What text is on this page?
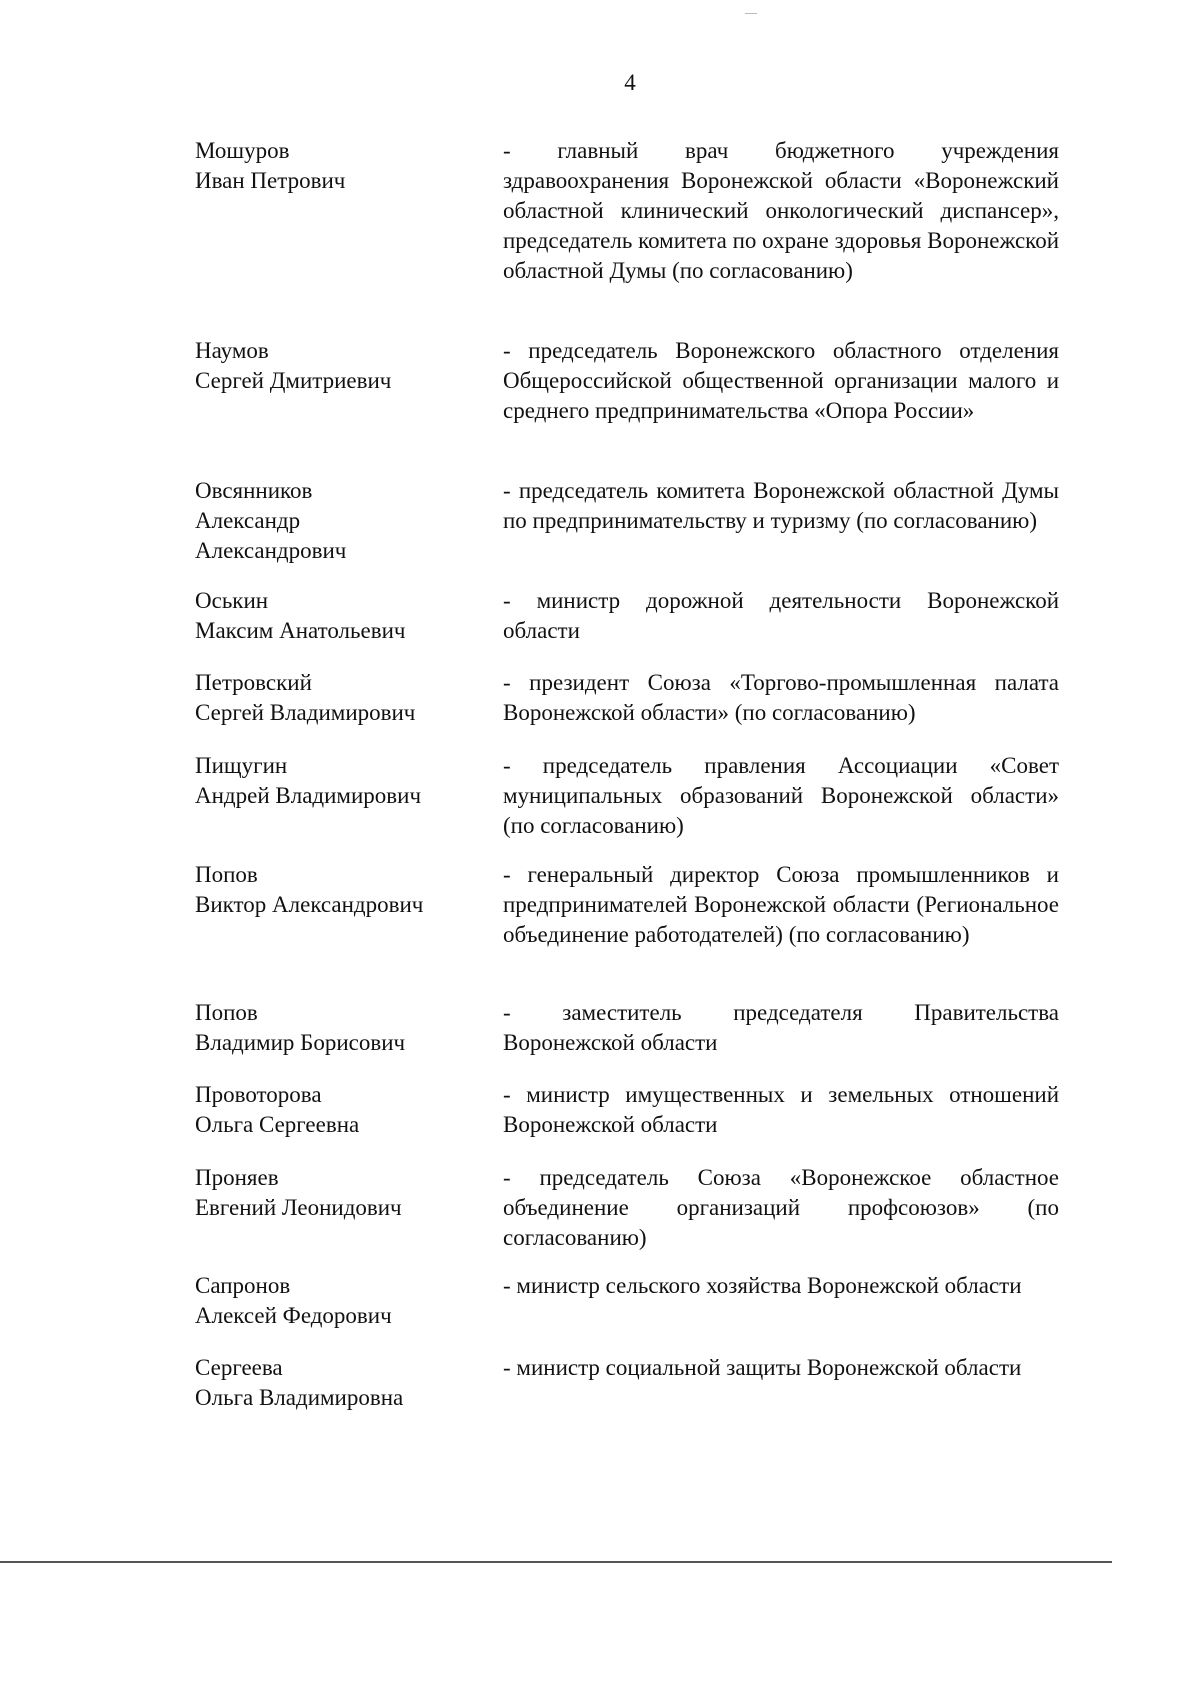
4
Мошуров
Иван Петрович
- главный врач бюджетного учреждения здравоохранения Воронежской области «Воронежский областной клинический онкологический диспансер», председатель комитета по охране здоровья Воронежской областной Думы (по согласованию)
Наумов
Сергей Дмитриевич
- председатель Воронежского областного отделения Общероссийской общественной организации малого и среднего предпринимательства «Опора России»
Овсянников
Александр
Александрович
- председатель комитета Воронежской областной Думы по предпринимательству и туризму (по согласованию)
Оськин
Максим Анатольевич
- министр дорожной деятельности Воронежской области
Петровский
Сергей Владимирович
- президент Союза «Торгово-промышленная палата Воронежской области» (по согласованию)
Пищугин
Андрей Владимирович
- председатель правления Ассоциации «Совет муниципальных образований Воронежской области» (по согласованию)
Попов
Виктор Александрович
- генеральный директор Союза промышленников и предпринимателей Воронежской области (Региональное объединение работодателей) (по согласованию)
Попов
Владимир Борисович
- заместитель председателя Правительства Воронежской области
Провоторова
Ольга Сергеевна
- министр имущественных и земельных отношений Воронежской области
Проняев
Евгений Леонидович
- председатель Союза «Воронежское областное объединение организаций профсоюзов» (по согласованию)
Сапронов
Алексей Федорович
- министр сельского хозяйства Воронежской области
Сергеева
Ольга Владимировна
- министр социальной защиты Воронежской области
